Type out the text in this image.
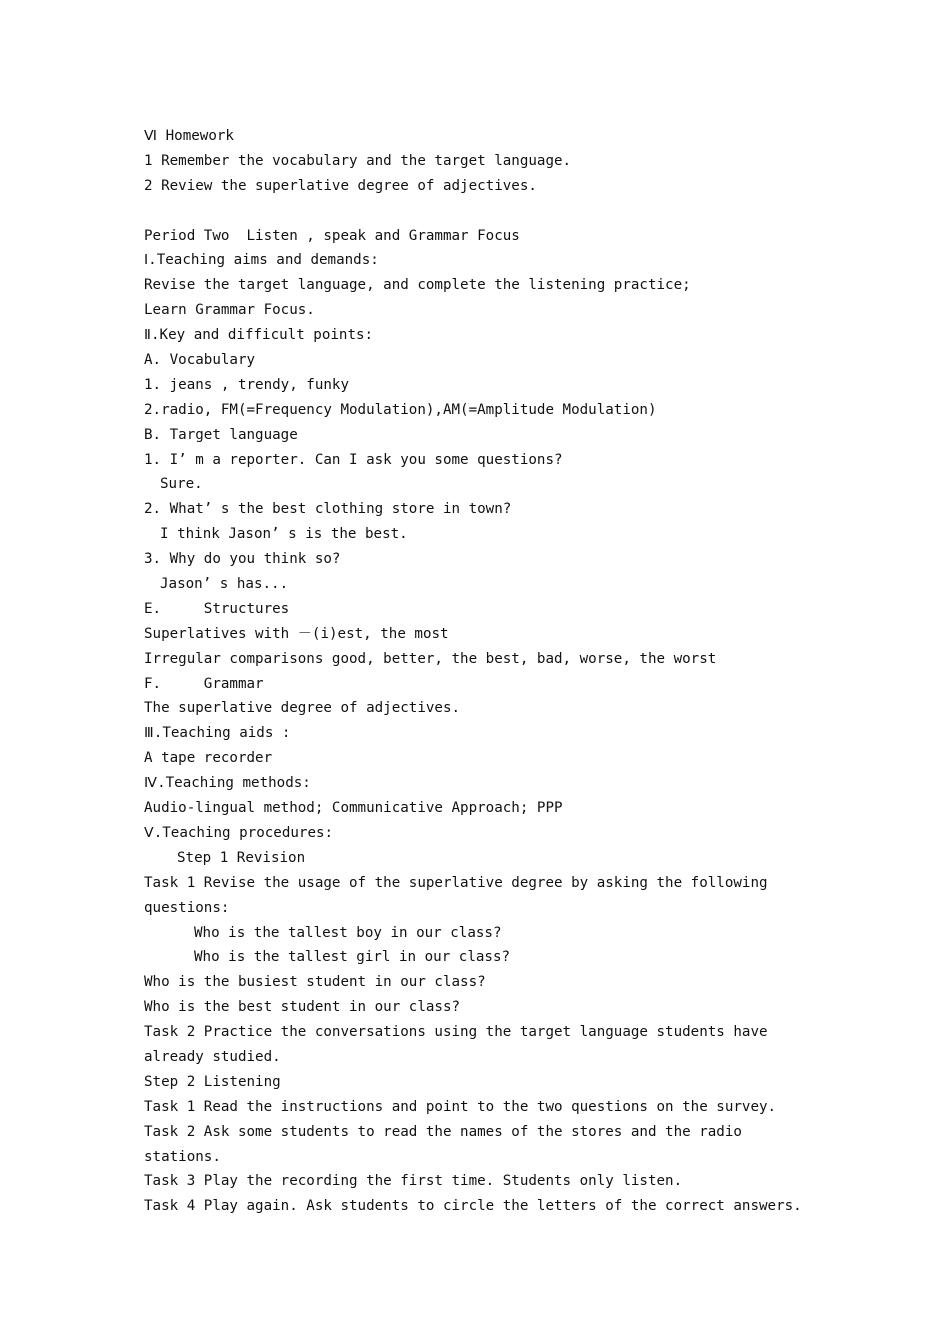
Ⅵ Homework
1 Remember the vocabulary and the target language.
2 Review the superlative degree of adjectives.
Period Two  Listen , speak and Grammar Focus
Ⅰ.Teaching aims and demands:
Revise the target language, and complete the listening practice;
Learn Grammar Focus.
Ⅱ.Key and difficult points:
A. Vocabulary
1. jeans , trendy, funky
2.radio, FM(=Frequency Modulation),AM(=Amplitude Modulation)
B. Target language
1. I’ m a reporter. Can I ask you some questions?
Sure.
2. What’ s the best clothing store in town?
I think Jason’ s is the best.
3. Why do you think so?
Jason’ s has...
E.     Structures
Superlatives with －(i)est, the most
Irregular comparisons good, better, the best, bad, worse, the worst
F.     Grammar
The superlative degree of adjectives.
Ⅲ.Teaching aids :
A tape recorder
Ⅳ.Teaching methods:
Audio-lingual method; Communicative Approach; PPP
Ⅴ.Teaching procedures:
Step 1 Revision
Task 1 Revise the usage of the superlative degree by asking the following
questions:
Who is the tallest boy in our class?
Who is the tallest girl in our class?
Who is the busiest student in our class?
Who is the best student in our class?
Task 2 Practice the conversations using the target language students have
already studied.
Step 2 Listening
Task 1 Read the instructions and point to the two questions on the survey.
Task 2 Ask some students to read the names of the stores and the radio
stations.
Task 3 Play the recording the first time. Students only listen.
Task 4 Play again. Ask students to circle the letters of the correct answers.
